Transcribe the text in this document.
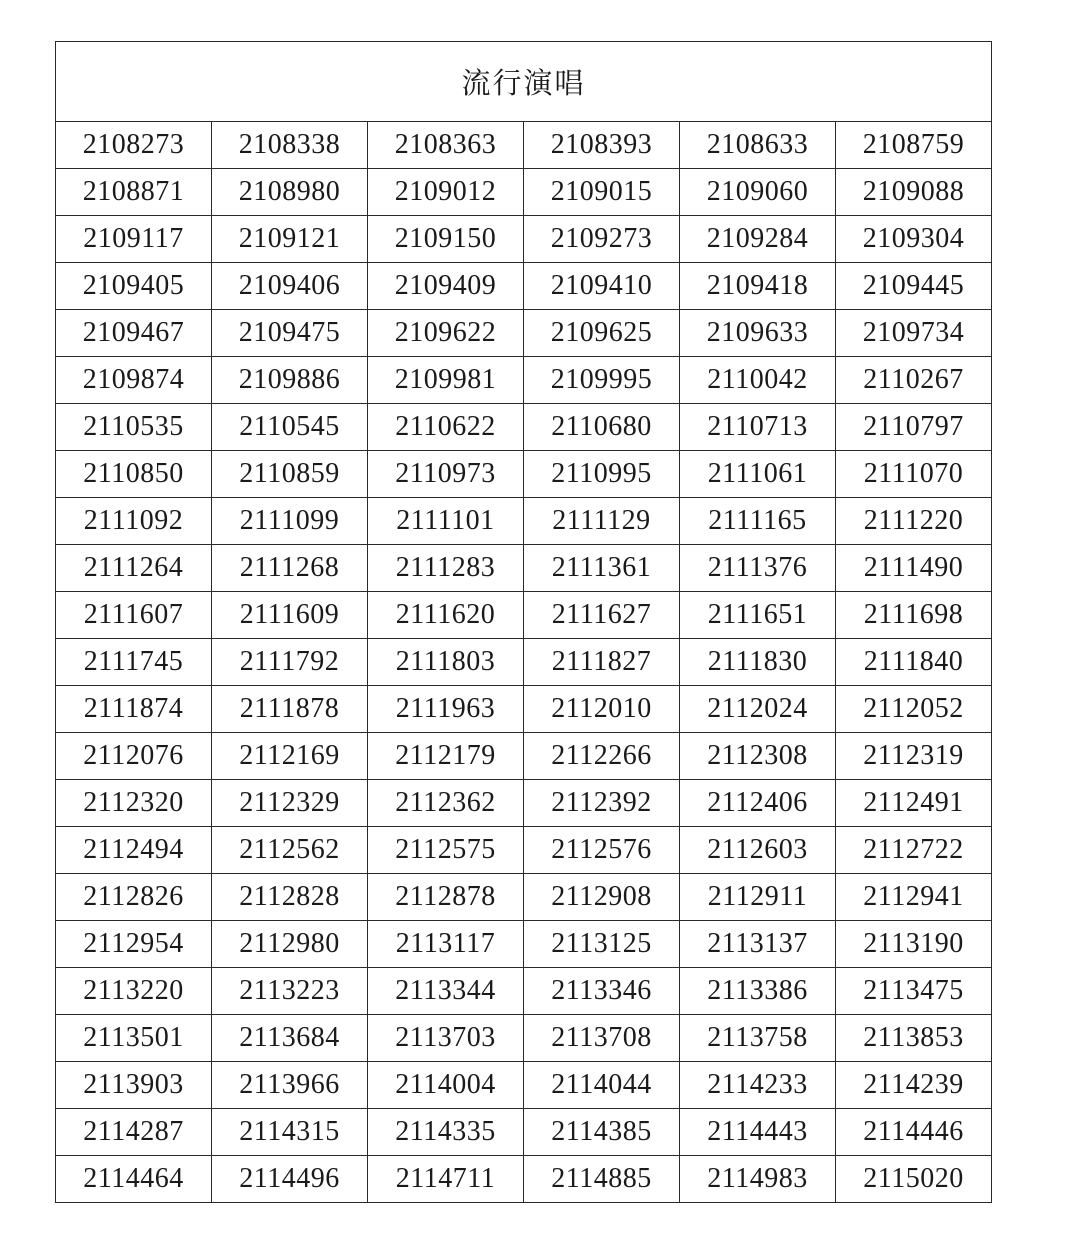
流行演唱					
2108273	2108338	2108363	2108393	2108633	2108759
2108871	2108980	2109012	2109015	2109060	2109088
2109117	2109121	2109150	2109273	2109284	2109304
2109405	2109406	2109409	2109410	2109418	2109445
2109467	2109475	2109622	2109625	2109633	2109734
2109874	2109886	2109981	2109995	2110042	2110267
2110535	2110545	2110622	2110680	2110713	2110797
2110850	2110859	2110973	2110995	2111061	2111070
2111092	2111099	2111101	2111129	2111165	2111220
2111264	2111268	2111283	2111361	2111376	2111490
2111607	2111609	2111620	2111627	2111651	2111698
2111745	2111792	2111803	2111827	2111830	2111840
2111874	2111878	2111963	2112010	2112024	2112052
2112076	2112169	2112179	2112266	2112308	2112319
2112320	2112329	2112362	2112392	2112406	2112491
2112494	2112562	2112575	2112576	2112603	2112722
2112826	2112828	2112878	2112908	2112911	2112941
2112954	2112980	2113117	2113125	2113137	2113190
2113220	2113223	2113344	2113346	2113386	2113475
2113501	2113684	2113703	2113708	2113758	2113853
2113903	2113966	2114004	2114044	2114233	2114239
2114287	2114315	2114335	2114385	2114443	2114446
2114464	2114496	2114711	2114885	2114983	2115020
